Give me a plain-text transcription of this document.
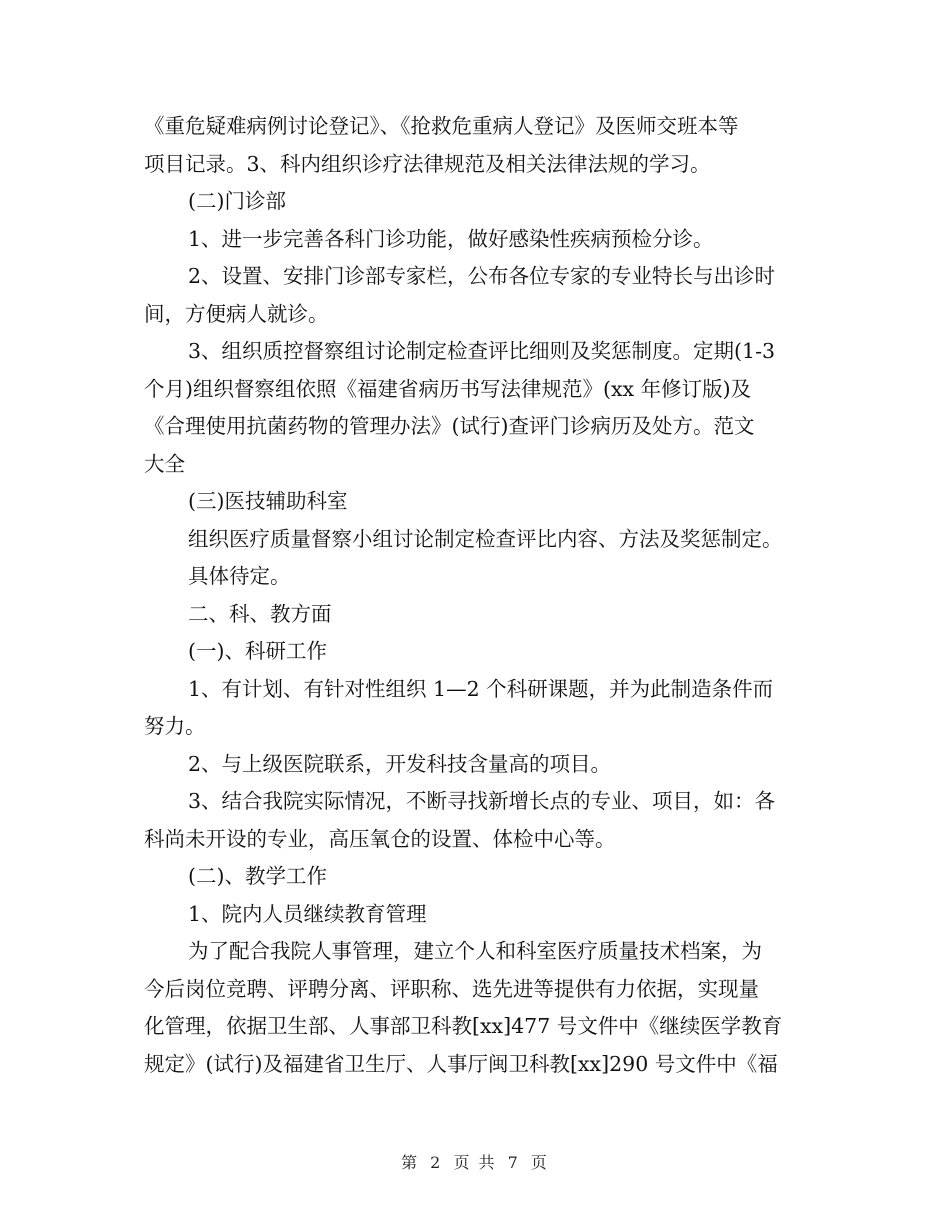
《重危疑难病例讨论登记》、《抢救危重病人登记》及医师交班本等
项目记录。3、科内组织诊疗法律规范及相关法律法规的学习。
(二)门诊部
1、进一步完善各科门诊功能，做好感染性疾病预检分诊。
2、设置、安排门诊部专家栏，公布各位专家的专业特长与出诊时
间，方便病人就诊。
3、组织质控督察组讨论制定检查评比细则及奖惩制度。定期(1-3
个月)组织督察组依照《福建省病历书写法律规范》(xx 年修订版)及
《合理使用抗菌药物的管理办法》(试行)查评门诊病历及处方。范文
大全
(三)医技辅助科室
组织医疗质量督察小组讨论制定检查评比内容、方法及奖惩制定。
具体待定。
二、科、教方面
(一)、科研工作
1、有计划、有针对性组织 1—2 个科研课题，并为此制造条件而
努力。
2、与上级医院联系，开发科技含量高的项目。
3、结合我院实际情况，不断寻找新增长点的专业、项目，如：各
科尚未开设的专业，高压氧仓的设置、体检中心等。
(二)、教学工作
1、院内人员继续教育管理
为了配合我院人事管理，建立个人和科室医疗质量技术档案，为
今后岗位竞聘、评聘分离、评职称、选先进等提供有力依据，实现量
化管理，依据卫生部、人事部卫科教[xx]477 号文件中《继续医学教育
规定》(试行)及福建省卫生厅、人事厅闽卫科教[xx]290 号文件中《福
第 2 页 共 7 页
